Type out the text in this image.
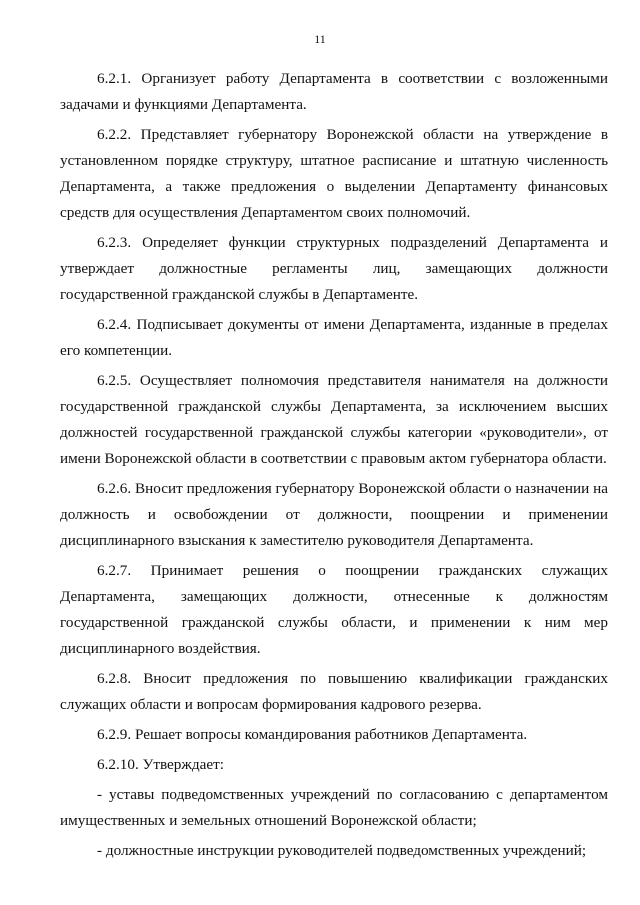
11

6.2.1. Организует работу Департамента в соответствии с возложенными задачами и функциями Департамента.

6.2.2. Представляет губернатору Воронежской области на утверждение в установленном порядке структуру, штатное расписание и штатную численность Департамента, а также предложения о выделении Департаменту финансовых средств для осуществления Департаментом своих полномочий.

6.2.3. Определяет функции структурных подразделений Департамента и утверждает должностные регламенты лиц, замещающих должности государственной гражданской службы в Департаменте.

6.2.4. Подписывает документы от имени Департамента, изданные в пределах его компетенции.

6.2.5. Осуществляет полномочия представителя нанимателя на должности государственной гражданской службы Департамента, за исключением высших должностей государственной гражданской службы категории «руководители», от имени Воронежской области в соответствии с правовым актом губернатора области.

6.2.6. Вносит предложения губернатору Воронежской области о назначении на должность и освобождении от должности, поощрении и применении дисциплинарного взыскания к заместителю руководителя Департамента.

6.2.7. Принимает решения о поощрении гражданских служащих Департамента, замещающих должности, отнесенные к должностям государственной гражданской службы области, и применении к ним мер дисциплинарного воздействия.

6.2.8. Вносит предложения по повышению квалификации гражданских служащих области и вопросам формирования кадрового резерва.

6.2.9. Решает вопросы командирования работников Департамента.

6.2.10. Утверждает:

- уставы подведомственных учреждений по согласованию с департаментом имущественных и земельных отношений Воронежской области;

- должностные инструкции руководителей подведомственных учреждений;
